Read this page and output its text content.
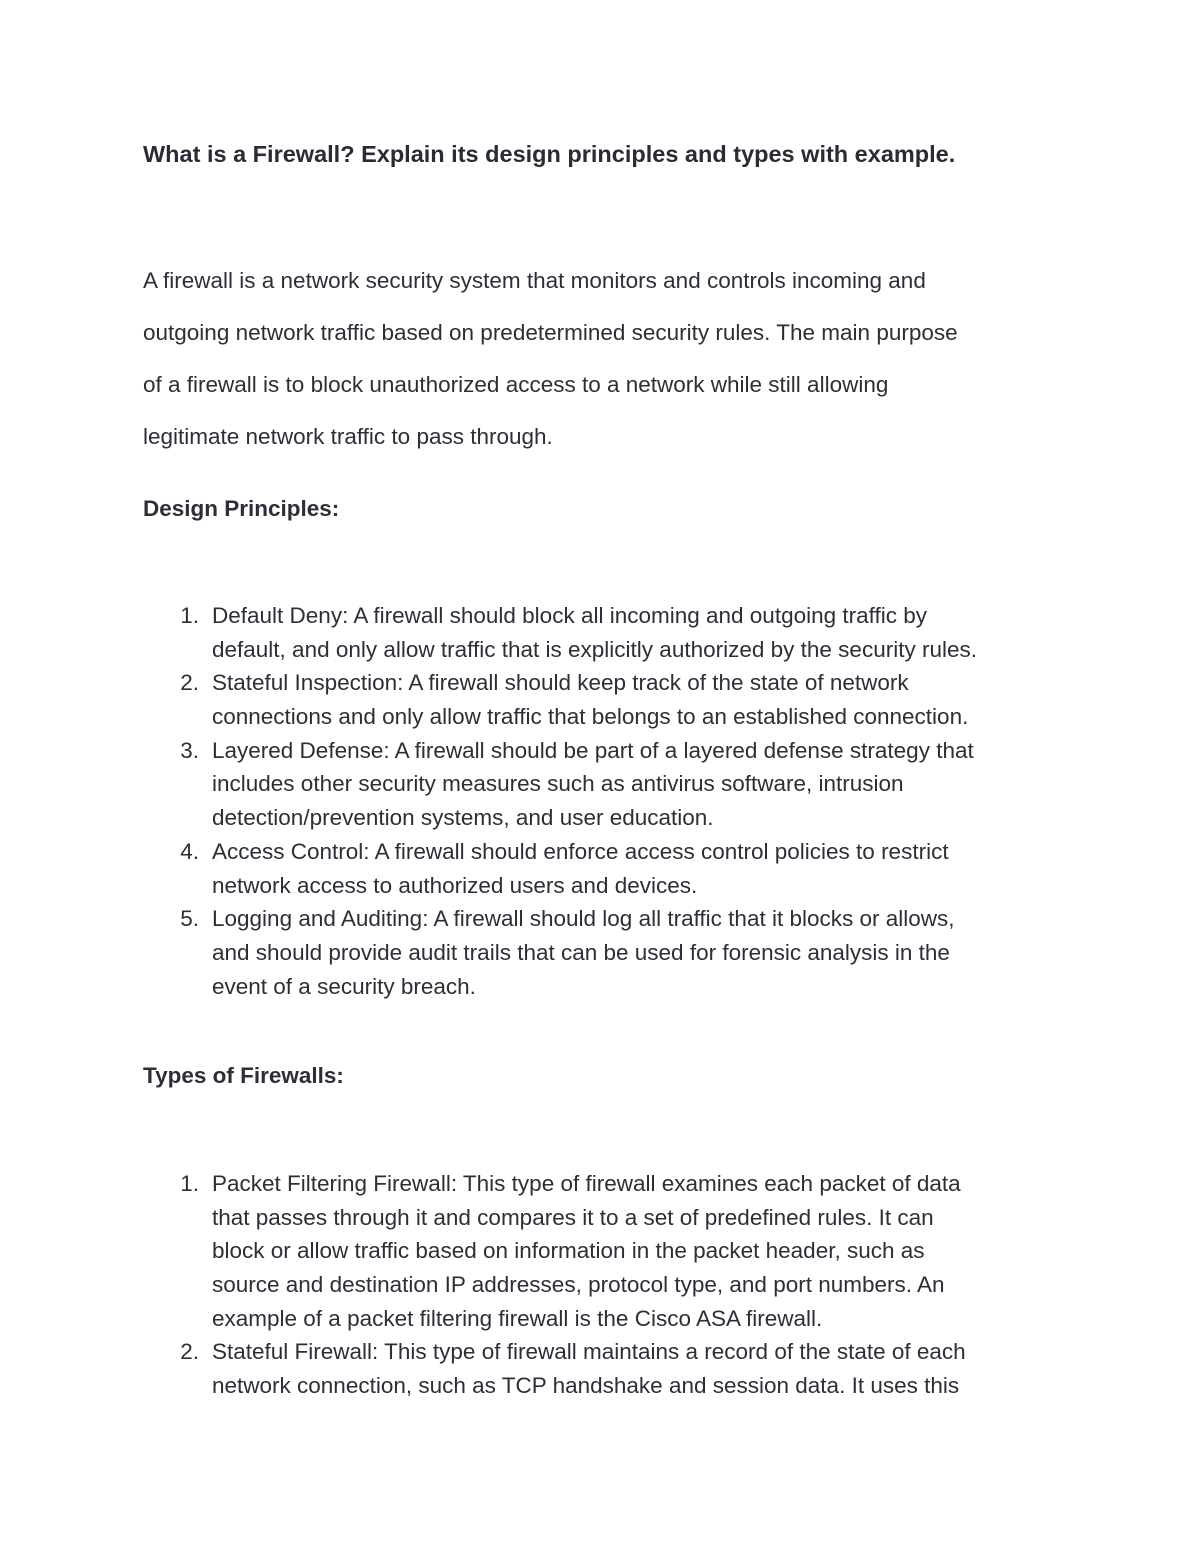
What is a Firewall? Explain its design principles and types with example.
A firewall is a network security system that monitors and controls incoming and
outgoing network traffic based on predetermined security rules. The main purpose
of a firewall is to block unauthorized access to a network while still allowing
legitimate network traffic to pass through.
Design Principles:
1. Default Deny: A firewall should block all incoming and outgoing traffic by
default, and only allow traffic that is explicitly authorized by the security rules.
2. Stateful Inspection: A firewall should keep track of the state of network
connections and only allow traffic that belongs to an established connection.
3. Layered Defense: A firewall should be part of a layered defense strategy that
includes other security measures such as antivirus software, intrusion
detection/prevention systems, and user education.
4. Access Control: A firewall should enforce access control policies to restrict
network access to authorized users and devices.
5. Logging and Auditing: A firewall should log all traffic that it blocks or allows,
and should provide audit trails that can be used for forensic analysis in the
event of a security breach.
Types of Firewalls:
1. Packet Filtering Firewall: This type of firewall examines each packet of data
that passes through it and compares it to a set of predefined rules. It can
block or allow traffic based on information in the packet header, such as
source and destination IP addresses, protocol type, and port numbers. An
example of a packet filtering firewall is the Cisco ASA firewall.
2. Stateful Firewall: This type of firewall maintains a record of the state of each
network connection, such as TCP handshake and session data. It uses this
